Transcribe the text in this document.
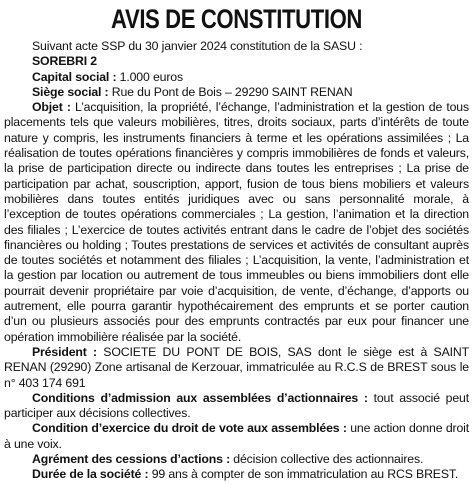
AVIS DE CONSTITUTION

Suivant acte SSP du 30 janvier 2024 constitution de la SASU :

SOREBRI 2

Capital social : 1.000 euros

Siège social : Rue du Pont de Bois – 29290 SAINT RENAN

Objet : L’acquisition, la propriété, l’échange, l’administration et la gestion de tous placements tels que valeurs mobilières, titres, droits sociaux, parts d’intérêts de toute nature y compris, les instruments financiers à terme et les opérations assimilées ; La réalisation de toutes opérations financières y compris immobilières de fonds et valeurs, la prise de participation directe ou indirecte dans toutes les entreprises ; La prise de participation par achat, souscription, apport, fusion de tous biens mobiliers et valeurs mobilières dans toutes entités juridiques avec ou sans personnalité morale, à l’exception de toutes opérations commerciales ; La gestion, l’animation et la direction des filiales ; L’exercice de toutes activités entrant dans le cadre de l’objet des sociétés financières ou holding ; Toutes prestations de services et activités de consultant auprès de toutes sociétés et notamment des filiales ; L’acquisition, la vente, l’administration et la gestion par location ou autrement de tous immeubles ou biens immobiliers dont elle pourrait devenir propriétaire par voie d’acquisition, de vente, d’échange, d’apports ou autrement, elle pourra garantir hypothécairement des emprunts et se porter caution d’un ou plusieurs associés pour des emprunts contractés par eux pour financer une opération immobilière réalisée par la société.

Président : SOCIETE DU PONT DE BOIS, SAS dont le siège est à SAINT RENAN (29290) Zone artisanal de Kerzouar, immatriculée au R.C.S de BREST sous le n° 403 174 691

Conditions d’admission aux assemblées d’actionnaires : tout associé peut participer aux décisions collectives.

Condition d’exercice du droit de vote aux assemblées : une action donne droit à une voix.

Agrément des cessions d’actions : décision collective des actionnaires.

Durée de la société : 99 ans à compter de son immatriculation au RCS BREST.
